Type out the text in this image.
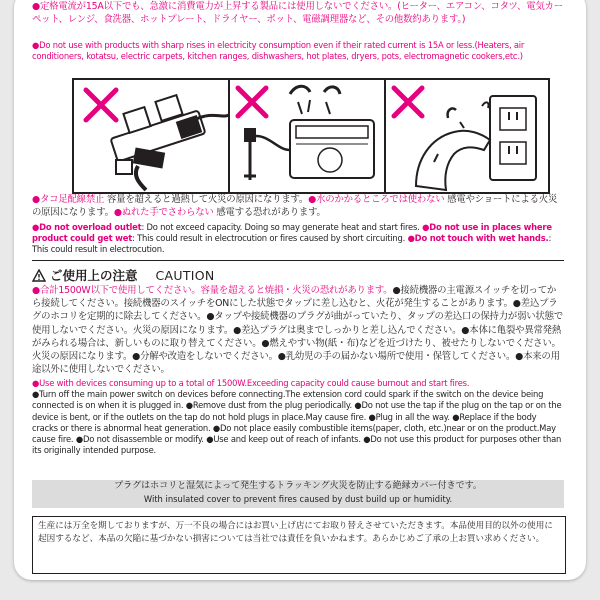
●定格電流が15A以下でも、急激に消費電力が上昇する製品には使用しないでください。(ヒーター、エアコン、コタツ、電気カーペット、レンジ、食洗器、ホットプレート、ドライヤー、ポット、電磁調理器など、その他数約あります。)
●Do not use with products with sharp rises in electricity consumption even if their rated current is 15A or less.(Heaters, air conditioners, kotatsu, electric carpets, kitchen ranges, dishwashers, hot plates, dryers, pots, electromagnetic cookers,etc.)
●タコ足配線禁止 容量を超えると過熱して火災の原因になります。●水のかかるところでは使わない 感電やショートによる火災の原因になります。●ぬれた手でさわらない 感電する恐れがあります。
●Do not overload outlet: Do not exceed capacity. Doing so may generate heat and start fires. ●Do not use in places where product could get wet: This could result in electrocution or fires caused by short circuiting. ●Do not touch with wet hands.: This could result in electrocution.
ご使用上の注意 CAUTION
●合計1500W以下で使用してください。容量を超えると焼損・火災の恐れがあります。●接続機器の主電源スイッチを切ってから接続してください。接続機器のスイッチをONにした状態でタップに差し込むと、火花が発生することがあります。●差込プラグのホコリを定期的に除去してください。●タップや接続機器のプラグが曲がっていたり、タップの差込口の保持力が弱い状態で使用しないでください。火災の原因になります。●差込プラグは奥までしっかりと差し込んでください。●本体に亀裂や異常発熱がみられる場合は、新しいものに取り替えてください。●燃えやすい物(紙・布)などを近づけたり、被せたりしないでください。火災の原因になります。●分解や改造をしないでください。●乳幼児の手の届かない場所で使用・保管してください。●本来の用途以外に使用しないでください。
●Use with devices consuming up to a total of 1500W.Exceeding capacity could cause burnout and start fires.
●Turn off the main power switch on devices before connecting.The extension cord could spark if the switch on the device being connected is on when it is plugged in. ●Remove dust from the plug periodically. ●Do not use the tap if the plug on the tap or on the device is bent, or if the outlets on the tap do not hold plugs in place.May cause fire. ●Plug in all the way. ●Replace if the body cracks or there is abnormal heat generation. ●Do not place easily combustible items(paper, cloth, etc.)near or on the product.May cause fire. ●Do not disassemble or modify. ●Use and keep out of reach of infants. ●Do not use this product for purposes other than its originally intended purpose.
プラグはホコリと湿気によって発生するトラッキング火災を防止する絶縁カバー付きです。
With insulated cover to prevent fires caused by dust build up or humidity.
生産には万全を期しておりますが、万一不良の場合にはお買い上げ店にてお取り替えさせていただきます。本品使用目的以外の使用に起因するなど、本品の欠陥に基づかない損害については当社では責任を負いかねます。あらかじめご了承の上お買い求めください。
